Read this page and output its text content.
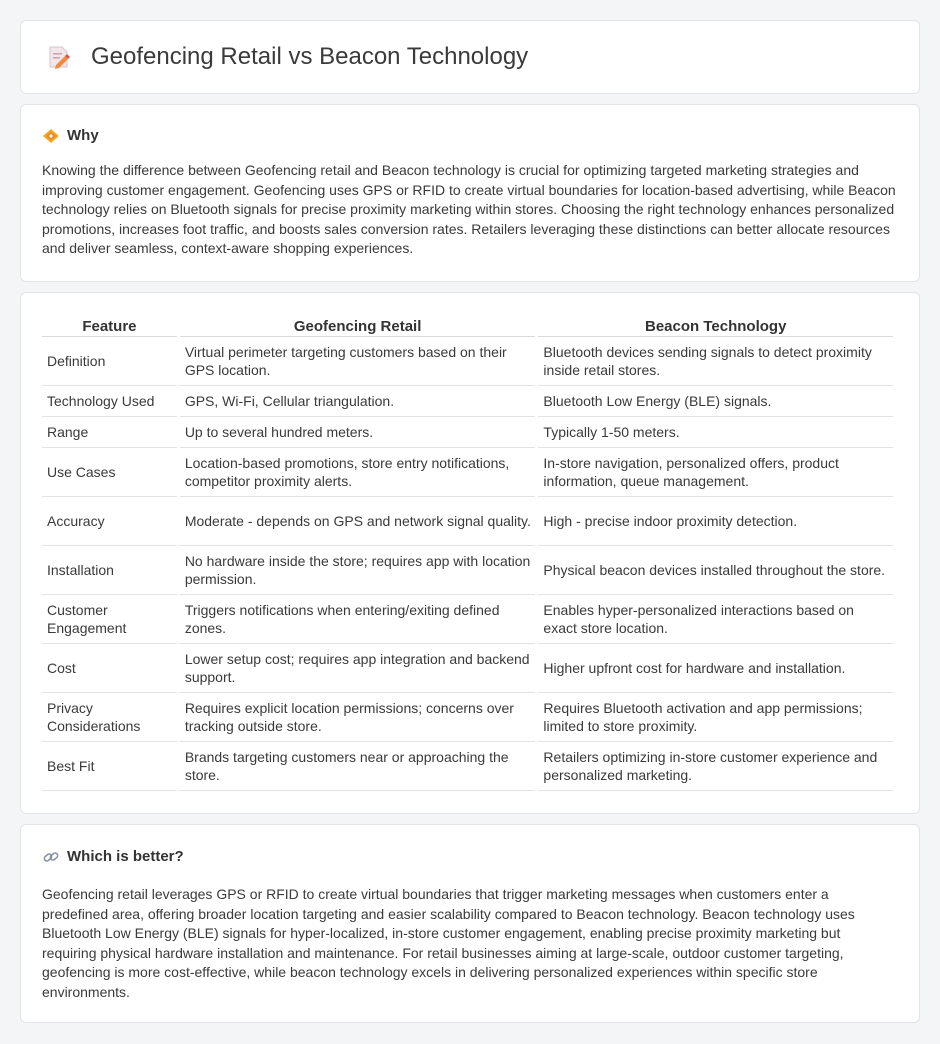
Geofencing Retail vs Beacon Technology
Why

Knowing the difference between Geofencing retail and Beacon technology is crucial for optimizing targeted marketing strategies and improving customer engagement. Geofencing uses GPS or RFID to create virtual boundaries for location-based advertising, while Beacon technology relies on Bluetooth signals for precise proximity marketing within stores. Choosing the right technology enhances personalized promotions, increases foot traffic, and boosts sales conversion rates. Retailers leveraging these distinctions can better allocate resources and deliver seamless, context-aware shopping experiences.

Feature	Geofencing Retail	Beacon Technology
Definition	Virtual perimeter targeting customers based on their GPS location.	Bluetooth devices sending signals to detect proximity inside retail stores.
Technology Used	GPS, Wi-Fi, Cellular triangulation.	Bluetooth Low Energy (BLE) signals.
Range	Up to several hundred meters.	Typically 1-50 meters.
Use Cases	Location-based promotions, store entry notifications, competitor proximity alerts.	In-store navigation, personalized offers, product information, queue management.
Accuracy	Moderate - depends on GPS and network signal quality.	High - precise indoor proximity detection.
Installation	No hardware inside the store; requires app with location permission.	Physical beacon devices installed throughout the store.
Customer Engagement	Triggers notifications when entering/exiting defined zones.	Enables hyper-personalized interactions based on exact store location.
Cost	Lower setup cost; requires app integration and backend support.	Higher upfront cost for hardware and installation.
Privacy Considerations	Requires explicit location permissions; concerns over tracking outside store.	Requires Bluetooth activation and app permissions; limited to store proximity.
Best Fit	Brands targeting customers near or approaching the store.	Retailers optimizing in-store customer experience and personalized marketing.
Which is better?

Geofencing retail leverages GPS or RFID to create virtual boundaries that trigger marketing messages when customers enter a predefined area, offering broader location targeting and easier scalability compared to Beacon technology. Beacon technology uses Bluetooth Low Energy (BLE) signals for hyper-localized, in-store customer engagement, enabling precise proximity marketing but requiring physical hardware installation and maintenance. For retail businesses aiming at large-scale, outdoor customer targeting, geofencing is more cost-effective, while beacon technology excels in delivering personalized experiences within specific store environments.
